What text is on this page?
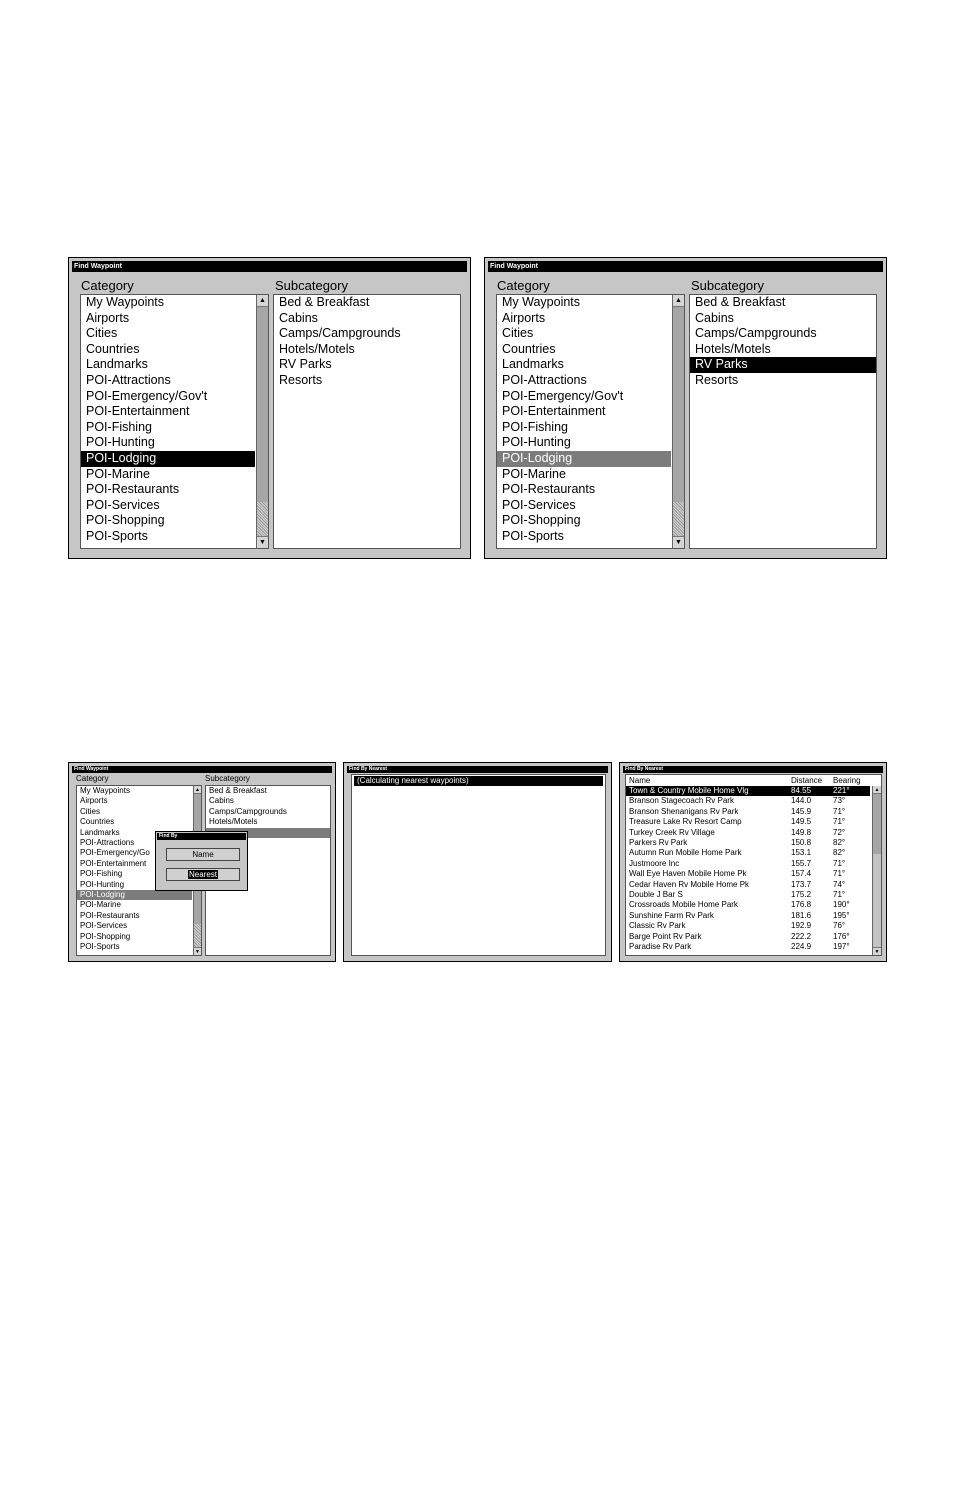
Find Waypoint
Category	Subcategory
My Waypoints
Airports
Cities
Countries
Landmarks
POI-Attractions
POI-Emergency/Gov't
POI-Entertainment
POI-Fishing
POI-Hunting
POI-Lodging
POI-Marine
POI-Restaurants
POI-Services
POI-Shopping
POI-Sports
▲
▼
Bed & Breakfast
Cabins
Camps/Campgrounds
Hotels/Motels
RV Parks
Resorts
Find Waypoint
Category	Subcategory
My Waypoints
Airports
Cities
Countries
Landmarks
POI-Attractions
POI-Emergency/Gov't
POI-Entertainment
POI-Fishing
POI-Hunting
POI-Lodging
POI-Marine
POI-Restaurants
POI-Services
POI-Shopping
POI-Sports
▲
▼
Bed & Breakfast
Cabins
Camps/Campgrounds
Hotels/Motels
RV Parks
Resorts
Find Waypoint
Category	Subcategory
My Waypoints
Airports
Cities
Countries
Landmarks
POI-Attractions
POI-Emergency/Go
POI-Entertainment
POI-Fishing
POI-Hunting
POI-Lodging
POI-Marine
POI-Restaurants
POI-Services
POI-Shopping
POI-Sports
▲
▼
Bed & Breakfast
Cabins
Camps/Campgrounds
Hotels/Motels
Find By
Name
Nearest
Find By Nearest
(Calculating nearest waypoints)
Find By Nearest
Name	Distance Bearing
Town & Country Mobile Home Vlg	84.55	221°
Branson Stagecoach Rv Park	144.0	73°
Branson Shenanigans Rv Park	145.9	71°
Treasure Lake Rv Resort Camp	149.5	71°
Turkey Creek Rv Village	149.8	72°
Parkers Rv Park	150.8	82°
Autumn Run Mobile Home Park	153.1	82°
Justmoore Inc	155.7	71°
Wall Eye Haven Mobile Home Pk	157.4	71°
Cedar Haven Rv Mobile Home Pk	173.7	74°
Double J Bar S	175.2	71°
Crossroads Mobile Home Park	176.8	190°
Sunshine Farm Rv Park	181.6	195°
Classic Rv Park	192.9	76°
Barge Point Rv Park	222.2	176°
Paradise Rv Park	224.9	197°
▲
▼
